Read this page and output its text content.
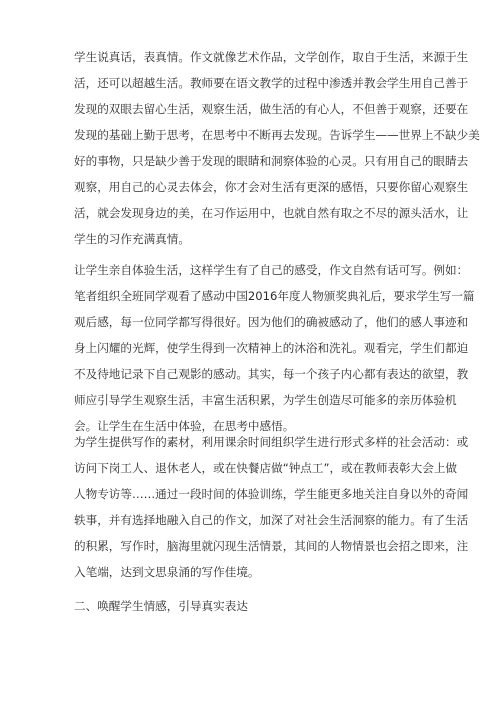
学生说真话，表真情。作文就像艺术作品，文学创作，取自于生活，来源于生
活，还可以超越生活。教师要在语文教学的过程中渗透并教会学生用自己善于
发现的双眼去留心生活，观察生活，做生活的有心人，不但善于观察，还要在
发现的基础上勤于思考，在思考中不断再去发现。告诉学生——世界上不缺少美
好的事物，只是缺少善于发现的眼睛和洞察体验的心灵。只有用自己的眼睛去
观察，用自己的心灵去体会，你才会对生活有更深的感悟，只要你留心观察生
活，就会发现身边的美，在习作运用中，也就自然有取之不尽的源头活水，让
学生的习作充满真情。
让学生亲自体验生活，这样学生有了自己的感受，作文自然有话可写。例如：
笔者组织全班同学观看了感动中国2016年度人物颁奖典礼后，要求学生写一篇
观后感，每一位同学都写得很好。因为他们的确被感动了，他们的感人事迹和
身上闪耀的光辉，使学生得到一次精神上的沐浴和洗礼。观看完，学生们都迫
不及待地记录下自己观影的感动。其实，每一个孩子内心都有表达的欲望，教
师应引导学生观察生活，丰富生活积累，为学生创造尽可能多的亲历体验机
会。让学生在生活中体验，在思考中感悟。
为学生提供写作的素材，利用课余时间组织学生进行形式多样的社会活动：或
访问下岗工人、退休老人，或在快餐店做“钟点工”，或在教师表彰大会上做
人物专访等……通过一段时间的体验训练，学生能更多地关注自身以外的奇闻
轶事，并有选择地融入自己的作文，加深了对社会生活洞察的能力。有了生活
的积累，写作时，脑海里就闪现生活情景，其间的人物情景也会招之即来，注
入笔端，达到文思泉涌的写作佳境。
二、唤醒学生情感，引导真实表达
